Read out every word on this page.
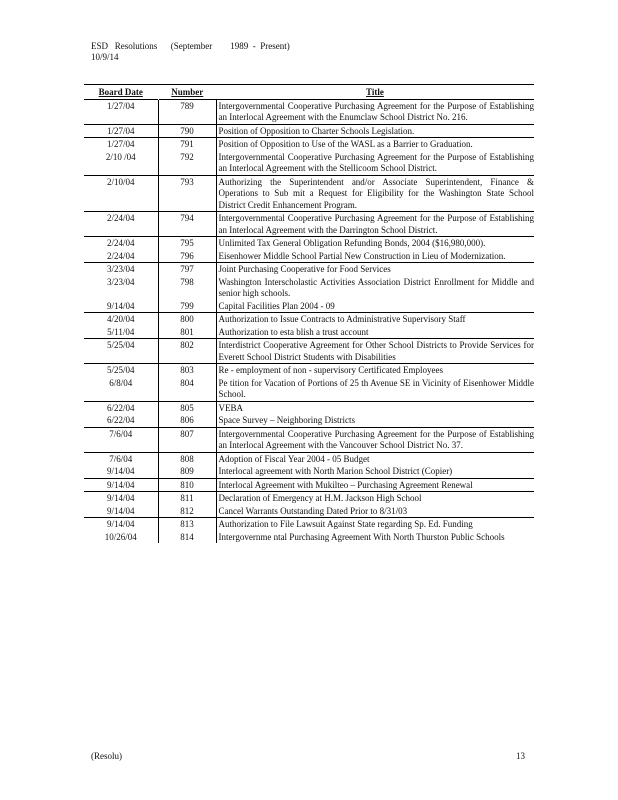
ESD   Resolutions      (September        1989  -  Present)
10/9/14
Board Date	Number	Title
1/27/04	789	Intergovernmental Cooperative Purchasing Agreement for the Purpose of Establishing an Interlocal Agreement with the Enumclaw School District No. 216.
1/27/04	790	Position of Opposition to Charter Schools Legislation.
1/27/04	791	Position of Opposition to Use of the WASL as a Barrier to Graduation.
2/10 /04	792	Intergovernmental Cooperative Purchasing Agreement for the Purpose of Establishing an Interlocal Agreement with the Stellicoom School District.
2/10/04	793	Authorizing the Superintendent and/or Associate Superintendent, Finance & Operations to Sub mit a Request for Eligibility for the Washington State School District Credit Enhancement Program.
2/24/04	794	Intergovernmental Cooperative Purchasing Agreement for the Purpose of Establishing an Interlocal Agreement with the Darrington School District.
2/24/04	795	Unlimited Tax General Obligation Refunding Bonds, 2004 ($16,980,000).
2/24/04	796	Eisenhower Middle School Partial New Construction in Lieu of Modernization.
3/23/04	797	Joint Purchasing Cooperative for Food Services
3/23/04	798	Washington Interscholastic Activities Association District Enrollment for Middle and senior high schools.
9/14/04	799	Capital Facilities Plan 2004 - 09
4/20/04	800	Authorization to Issue Contracts to Administrative Supervisory Staff
5/11/04	801	Authorization to esta blish a trust account
5/25/04	802	Interdistrict Cooperative Agreement for Other School Districts to Provide Services for Everett School District Students with Disabilities
5/25/04	803	Re - employment of non - supervisory Certificated Employees
6/8/04	804	Pe tition for Vacation of Portions of 25 th Avenue SE in Vicinity of Eisenhower Middle School.
6/22/04	805	VEBA
6/22/04	806	Space Survey – Neighboring Districts
7/6/04	807	Intergovernmental Cooperative Purchasing Agreement for the Purpose of Establishing an Interlocal Agreement with the Vancouver School District No. 37.
7/6/04	808	Adoption of Fiscal Year 2004 - 05 Budget
9/14/04	809	Interlocal agreement with North Marion School District (Copier)
9/14/04	810	Interlocal Agreement with Mukilteo – Purchasing Agreement Renewal
9/14/04	811	Declaration of Emergency at H.M. Jackson High School
9/14/04	812	Cancel Warrants Outstanding Dated Prior to 8/31/03
9/14/04	813	Authorization to File Lawsuit Against State regarding Sp. Ed. Funding
10/26/04	814	Intergovernme ntal Purchasing Agreement With North Thurston Public Schools
(Resolu)	13
